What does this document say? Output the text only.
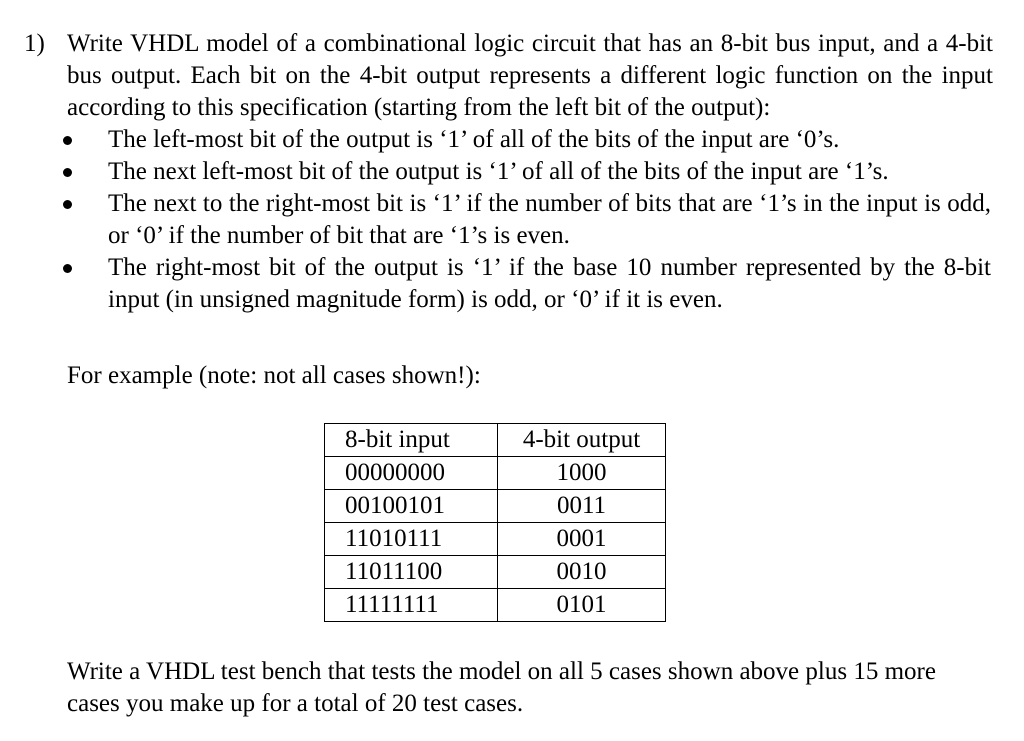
1) Write VHDL model of a combinational logic circuit that has an 8-bit bus input, and a 4-bit bus output. Each bit on the 4-bit output represents a different logic function on the input according to this specification (starting from the left bit of the output):
The left-most bit of the output is ‘1’ of all of the bits of the input are ‘0’s.
The next left-most bit of the output is ‘1’ of all of the bits of the input are ‘1’s.
The next to the right-most bit is ‘1’ if the number of bits that are ‘1’s in the input is odd, or ‘0’ if the number of bit that are ‘1’s is even.
The right-most bit of the output is ‘1’ if the base 10 number represented by the 8-bit input (in unsigned magnitude form) is odd, or ‘0’ if it is even.
For example (note: not all cases shown!):
8-bit input	4-bit output
00000000	1000
00100101	0011
11010111	0001
11011100	0010
11111111	0101
Write a VHDL test bench that tests the model on all 5 cases shown above plus 15 more cases you make up for a total of 20 test cases.
